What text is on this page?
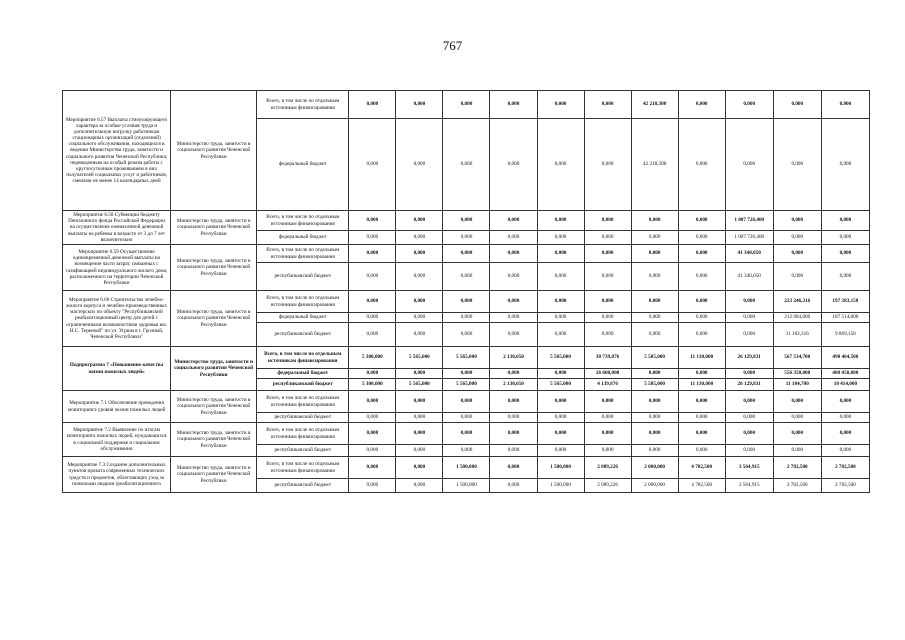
767
Мероприятие 6.57 Выплаты стимулирующего характера за особые условия труда и дополнительную нагрузку работникам стационарных организаций (отделений) социального обслуживания, находящихся в ведении Министерства труда, занятости и социального развития Чеченской Республики, переведенным на особый режим работы с круглосуточным проживанием в них получателей социальных услуг и работников, сменами не менее 14 календарных дней	Министерство труда, занятости и социального развития Чеченской Республики	Всего, в том числе по отдельным источникам финансирования	0,000	0,000	0,000	0,000	0,000	0,000	42 218,300	0,000	0,000	0,000	0,000
		федеральный бюджет	0,000	0,000	0,000	0,000	0,000	0,000	42 218,300	0,000	0,000	0,000	0,000
Мероприятие 6.58 Субвенции бюджету Пенсионного фонда Российской Федерации на осуществление ежемесячной денежной выплаты на ребенка в возрасте от 3 до 7 лет включительно	Министерство труда, занятости и социального развития Чеченской Республики	Всего, в том числе по отдельным источникам финансирования	0,000	0,000	0,000	0,000	0,000	0,000	0,000	0,000	1 007 726,400	0,000	0,000
		федеральный бюджет	0,000	0,000	0,000	0,000	0,000	0,000	0,000	0,000	1 007 726,400	0,000	0,000
Мероприятие 6.59 Осуществление единовременной денежной выплаты на возмещение части затрат, связанных с газификацией индивидуального жилого дома, расположенного на территории Чеченской Республики	Министерство труда, занятости и социального развития Чеченской Республики	Всего, в том числе по отдельным источникам финансирования	0,000	0,000	0,000	0,000	0,000	0,000	0,000	0,000	41 340,050	0,000	0,000
		республиканский бюджет	0,000	0,000	0,000	0,000	0,000	0,000	0,000	0,000	41 340,050	0,000	0,000
Мероприятие 6.60 Строительство лечебно-жилого корпуса и лечебно-производственных мастерских по объекту "Республиканский реабилитационный центр для детей с ограниченными возможностями здоровья им. Н.С. Тереевой" по ул. Угрюм в г. Грозный, Чеченской Республики"	Министерство труда, занятости и социального развития Чеченской Республики	Всего, в том числе по отдельным источникам финансирования	0,000	0,000	0,000	0,000	0,000	0,000	0,000	0,000	0,000	223 246,316	197 383,158
		федеральный бюджет	0,000	0,000	0,000	0,000	0,000	0,000	0,000	0,000	0,000	212 084,000	187 514,000
		республиканский бюджет	0,000	0,000	0,000	0,000	0,000	0,000	0,000	0,000	0,000	11 162,316	9 869,158
Подпрограмма 7 «Повышение качества жизни пожилых людей»	Министерство труда, занятости и социального развития Чеченской Республики	Всего, в том числе по отдельным источникам финансирования	5 300,000	5 565,000	5 565,000	2 130,650	5 565,000	30 739,876	5 505,000	11 130,000	26 129,831	567 534,700	490 464,500
		федеральный бюджет	0,000	0,000	0,000	0,000	0,000	26 600,000	0,000	0,000	0,000	556 350,000	480 050,000
		республиканский бюджет	5 300,000	5 565,000	5 565,000	2 130,650	5 565,000	4 139,876	5 505,000	11 130,000	26 129,831	11 184,700	10 414,000
Мероприятие 7.1 Обеспечение проведения мониторинга уровня жизни пожилых людей	Министерство труда, занятости и социального развития Чеченской Республики	Всего, в том числе по отдельным источникам финансирования	0,000	0,000	0,000	0,000	0,000	0,000	0,000	0,000	0,000	0,000	0,000
		республиканский бюджет	0,000	0,000	0,000	0,000	0,000	0,000	0,000	0,000	0,000	0,000	0,000
Мероприятие 7.2 Выявление по итогам мониторинга пожилых людей, нуждающихся в социальной поддержке и социальном обслуживании	Министерство труда, занятости и социального развития Чеченской Республики	Всего, в том числе по отдельным источникам финансирования	0,000	0,000	0,000	0,000	0,000	0,000	0,000	0,000	0,000	0,000	0,000
		республиканский бюджет	0,000	0,000	0,000	0,000	0,000	0,000	0,000	0,000	0,000	0,000	0,000
Мероприятие 7.3 Создание дополнительных пунктов проката современных технических средств и предметов, облегчающих уход за пожилыми людьми (реабилитационного	Министерство труда, занятости и социального развития Чеченской Республики	Всего, в том числе по отдельным источникам финансирования	0,000	0,000	1 500,000	0,000	1 500,000	2 089,226	2 000,000	4 782,500	3 564,915	2 782,500	2 782,500
		республиканский бюджет	0,000	0,000	1 500,000	0,000	1 500,000	2 089,226	2 000,000	4 782,500	3 564,915	2 782,500	2 782,500
